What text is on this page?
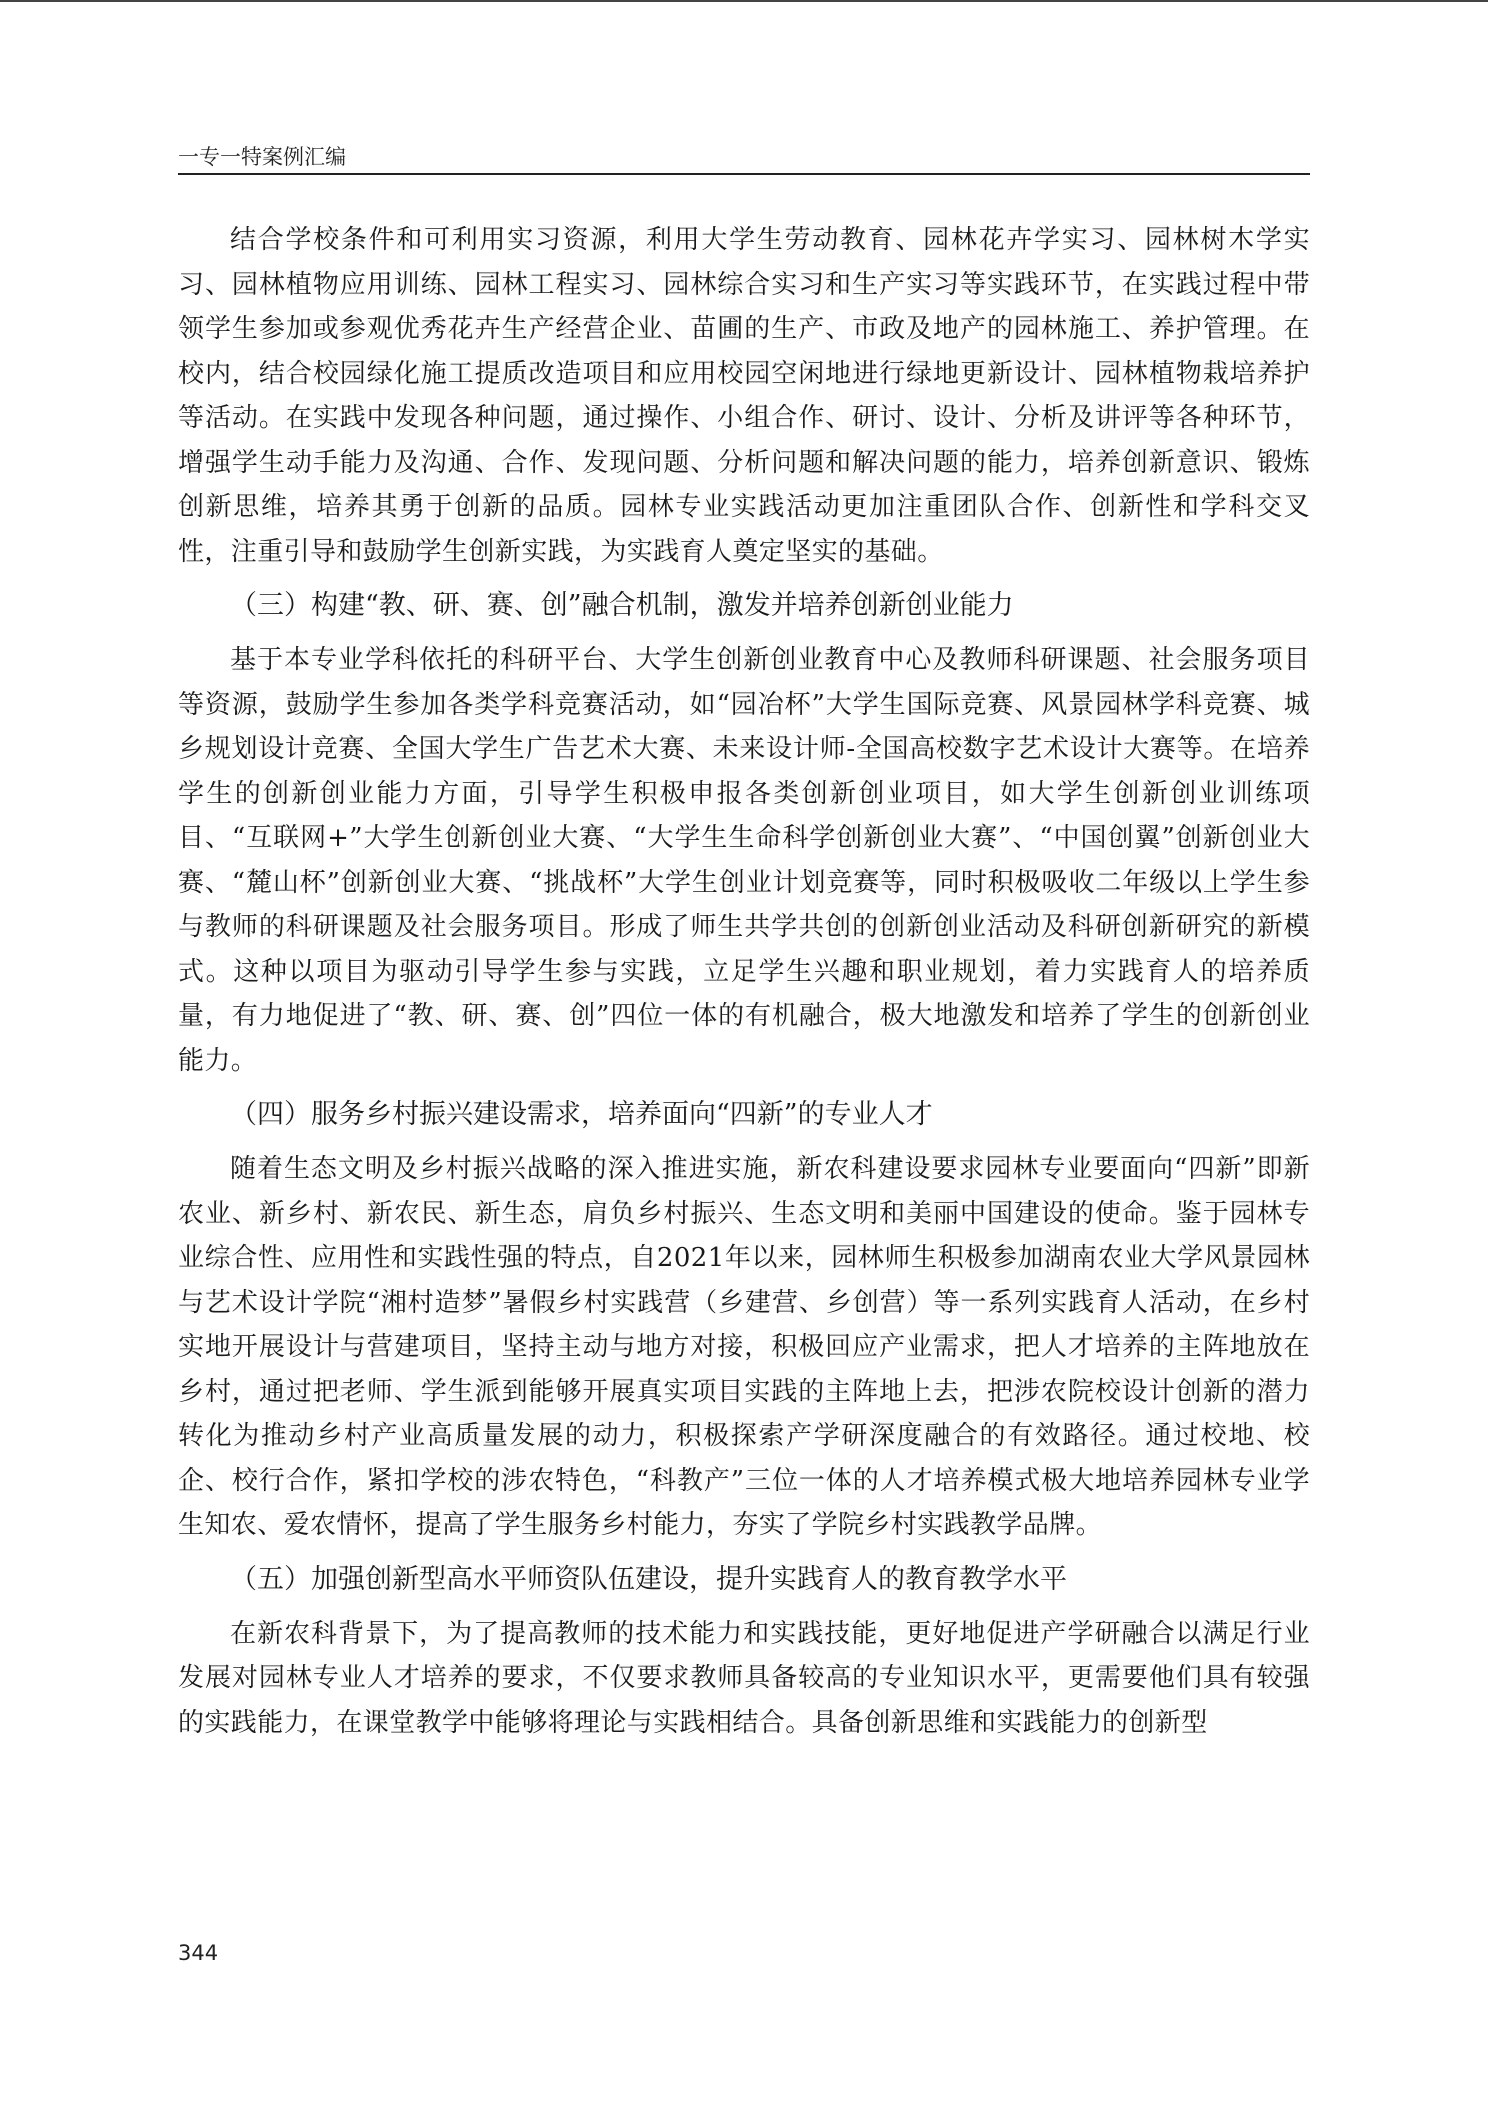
一专一特案例汇编

结合学校条件和可利用实习资源，利用大学生劳动教育、园林花卉学实习、园林树木学实习、园林植物应用训练、园林工程实习、园林综合实习和生产实习等实践环节，在实践过程中带领学生参加或参观优秀花卉生产经营企业、苗圃的生产、市政及地产的园林施工、养护管理。在校内，结合校园绿化施工提质改造项目和应用校园空闲地进行绿地更新设计、园林植物栽培养护等活动。在实践中发现各种问题，通过操作、小组合作、研讨、设计、分析及讲评等各种环节，增强学生动手能力及沟通、合作、发现问题、分析问题和解决问题的能力，培养创新意识、锻炼创新思维，培养其勇于创新的品质。园林专业实践活动更加注重团队合作、创新性和学科交叉性，注重引导和鼓励学生创新实践，为实践育人奠定坚实的基础。

（三）构建“教、研、赛、创”融合机制，激发并培养创新创业能力

基于本专业学科依托的科研平台、大学生创新创业教育中心及教师科研课题、社会服务项目等资源，鼓励学生参加各类学科竞赛活动，如“园冶杯”大学生国际竞赛、风景园林学科竞赛、城乡规划设计竞赛、全国大学生广告艺术大赛、未来设计师-全国高校数字艺术设计大赛等。在培养学生的创新创业能力方面，引导学生积极申报各类创新创业项目，如大学生创新创业训练项目、“互联网+”大学生创新创业大赛、“大学生生命科学创新创业大赛”、“中国创翼”创新创业大赛、“麓山杯”创新创业大赛、“挑战杯”大学生创业计划竞赛等，同时积极吸收二年级以上学生参与教师的科研课题及社会服务项目。形成了师生共学共创的创新创业活动及科研创新研究的新模式。这种以项目为驱动引导学生参与实践，立足学生兴趣和职业规划，着力实践育人的培养质量，有力地促进了“教、研、赛、创”四位一体的有机融合，极大地激发和培养了学生的创新创业能力。

（四）服务乡村振兴建设需求，培养面向“四新”的专业人才

随着生态文明及乡村振兴战略的深入推进实施，新农科建设要求园林专业要面向“四新”即新农业、新乡村、新农民、新生态，肩负乡村振兴、生态文明和美丽中国建设的使命。鉴于园林专业综合性、应用性和实践性强的特点，自2021年以来，园林师生积极参加湖南农业大学风景园林与艺术设计学院“湘村造梦”暑假乡村实践营（乡建营、乡创营）等一系列实践育人活动，在乡村实地开展设计与营建项目，坚持主动与地方对接，积极回应产业需求，把人才培养的主阵地放在乡村，通过把老师、学生派到能够开展真实项目实践的主阵地上去，把涉农院校设计创新的潜力转化为推动乡村产业高质量发展的动力，积极探索产学研深度融合的有效路径。通过校地、校企、校行合作，紧扣学校的涉农特色，“科教产”三位一体的人才培养模式极大地培养园林专业学生知农、爱农情怀，提高了学生服务乡村能力，夯实了学院乡村实践教学品牌。

（五）加强创新型高水平师资队伍建设，提升实践育人的教育教学水平

在新农科背景下，为了提高教师的技术能力和实践技能，更好地促进产学研融合以满足行业发展对园林专业人才培养的要求，不仅要求教师具备较高的专业知识水平，更需要他们具有较强的实践能力，在课堂教学中能够将理论与实践相结合。具备创新思维和实践能力的创新型

344
